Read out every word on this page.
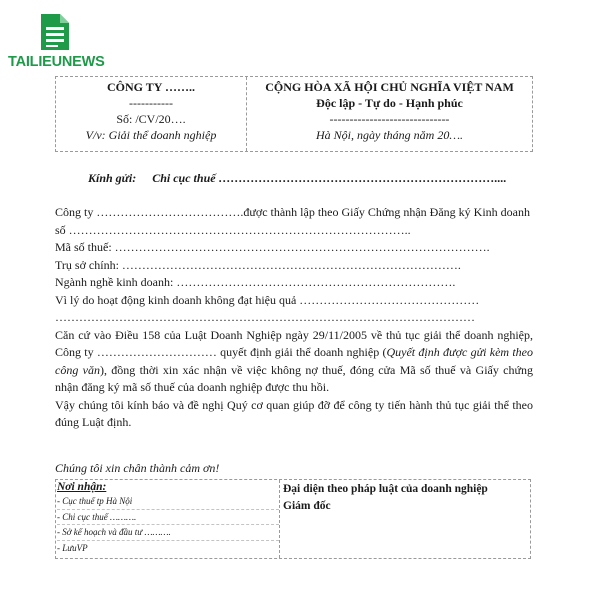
TAILIEUNEWS
CÔNG TY ……..
-----------
Số: /CV/20….
V/v: Giải thể doanh nghiệp
CỘNG HÒA XÃ HỘI CHỦ NGHĨA VIỆT NAM
Độc lập - Tự do - Hạnh phúc
------------------------------
Hà Nội, ngày tháng năm 20….
Kính gửi: Chi cục thuế ……………………………………………………………....
Công ty ……………………………….được thành lập theo Giấy Chứng nhận Đăng ký Kinh doanh
số …………………………………………………………………………..
Mã số thuế: ………………………………………………………………………………….
Trụ sở chính: ………………………………………………………………………….
Ngành nghề kinh doanh: …………………………………………………………….
Vì lý do hoạt động kinh doanh không đạt hiệu quả ………………………………………
……………………………………………………………………………………………

Căn cứ vào Điều 158 của Luật Doanh Nghiệp ngày 29/11/2005 về thủ tục giải thể doanh nghiệp, Công ty ………………………… quyết định giải thể doanh nghiệp (Quyết định được gửi kèm theo công văn), đồng thời xin xác nhận về việc không nợ thuế, đóng cửa Mã số thuế và Giấy chứng nhận đăng ký mã số thuế của doanh nghiệp được thu hồi.

Vậy chúng tôi kính báo và đề nghị Quý cơ quan giúp đỡ để công ty tiến hành thủ tục giải thể theo đúng Luật định.

Chúng tôi xin chân thành cảm ơn!
Nơi nhận:
- Cục thuế tp Hà Nội
- Chi cục thuế ……….
- Sở kế hoạch và đầu tư ……….
- LưuVP
Đại diện theo pháp luật của doanh nghiệp
Giám đốc
